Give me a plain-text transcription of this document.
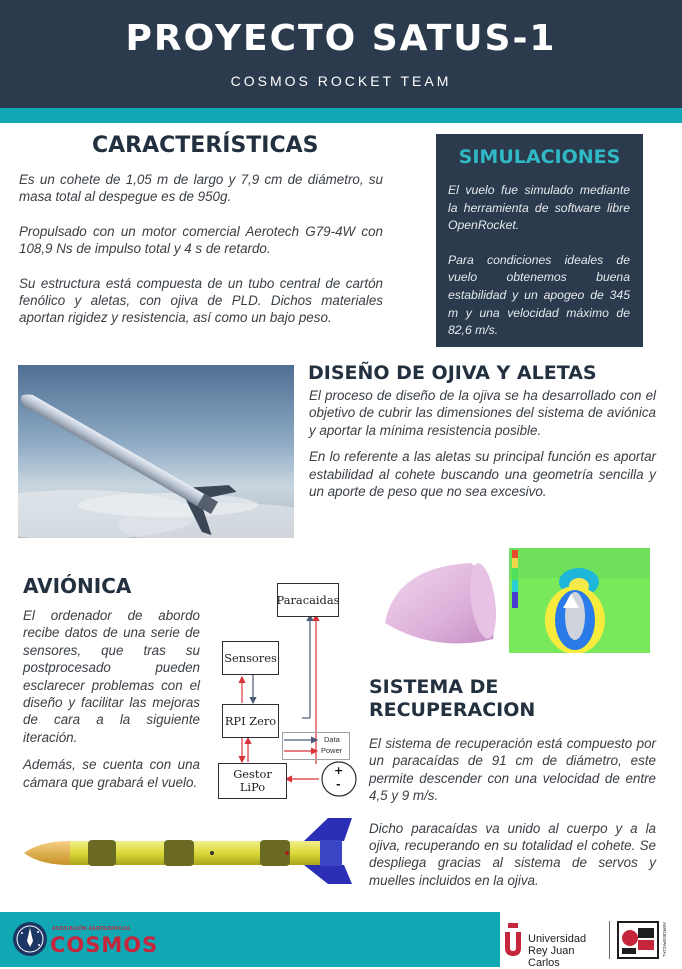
PROYECTO SATUS-1
COSMOS ROCKET TEAM
CARACTERÍSTICAS

Es un cohete de 1,05 m de largo y 7,9 cm de diámetro, su masa total al despegue es de 950g.

Propulsado con un motor comercial Aerotech G79-4W con 108,9 Ns de impulso total y 4 s de retardo.

Su estructura está compuesta de un tubo central de cartón fenólico y aletas, con ojiva de PLD. Dichos materiales aportan rigidez y resistencia, así como un bajo peso.

SIMULACIONES

El vuelo fue simulado mediante la herramienta de software libre OpenRocket.

Para condiciones ideales de vuelo obtenemos buena estabilidad y un apogeo de 345 m y una velocidad máximo de 82,6 m/s.

DISEÑO DE OJIVA Y ALETAS

El proceso de diseño de la ojiva se ha desarrollado con el objetivo de cubrir las dimensiones del sistema de aviónica y aportar la mínima resistencia posible.

En lo referente a las aletas su principal función es aportar estabilidad al cohete buscando una geometría sencilla y un aporte de peso que no sea excesivo.

AVIÓNICA

El ordenador de abordo recibe datos de una serie de sensores, que tras su postprocesado pueden esclarecer problemas con el diseño y facilitar las mejoras de cara a la siguiente iteración.

Además, se cuenta con una cámara que grabará el vuelo.

Paracaidas
Sensores
RPI Zero
Gestor LiPo
Data
Power
+
-
SISTEMA DE RECUPERACION

El sistema de recuperación está compuesto por un paracaídas de 91 cm de diámetro, este permite descender con una velocidad de entre 4,5 y 9 m/s.

Dicho paracaídas va unido al cuerpo y a la ojiva, recuperando en su totalidad el cohete. Se despliega gracias al sistema de servos y muelles incluidos en la ojiva.

ASOCIACIÓN AEROESPACIAL
COSMOS	Universidad Rey Juan Carlos
AEROESPACIAL
